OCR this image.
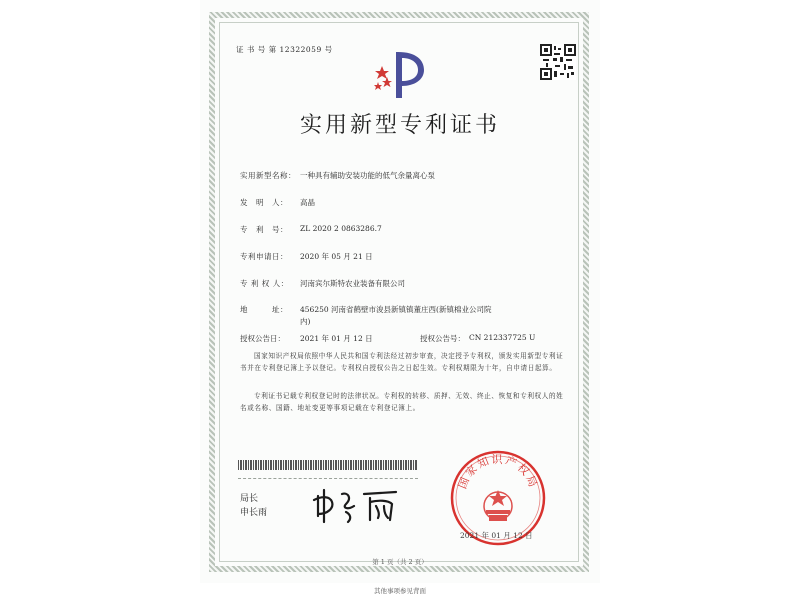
证 书 号 第 12322059 号
实用新型专利证书
实用新型名称： 一种具有辅助安装功能的低气余量离心泵
发　明　人：	高晶
专　利　号：	ZL 2020 2 0863286.7
专利申请日：	2020 年 05 月 21 日
专 利 权 人：	河南宾尔斯特农业装备有限公司
地　　　址：	456250 河南省鹤壁市浚县新镇镇董庄西(新镇棉业公司院
内)
授权公告日：	2021 年 01 月 12 日	授权公告号： CN 212337725 U
国家知识产权局依照中华人民共和国专利法经过初步审查，决定授予专利权，颁发实用新型专利证书并在专利登记簿上予以登记。专利权自授权公告之日起生效。专利权期限为十年，自申请日起算。
专利证书记载专利权登记时的法律状况。专利权的转移、质押、无效、终止、恢复和专利权人的姓名或名称、国籍、地址变更等事项记载在专利登记簿上。
局长
申长雨
国家知识产权局
2021 年 01 月 12 日
第 1 页（共 2 页）
其他事项参见背面
